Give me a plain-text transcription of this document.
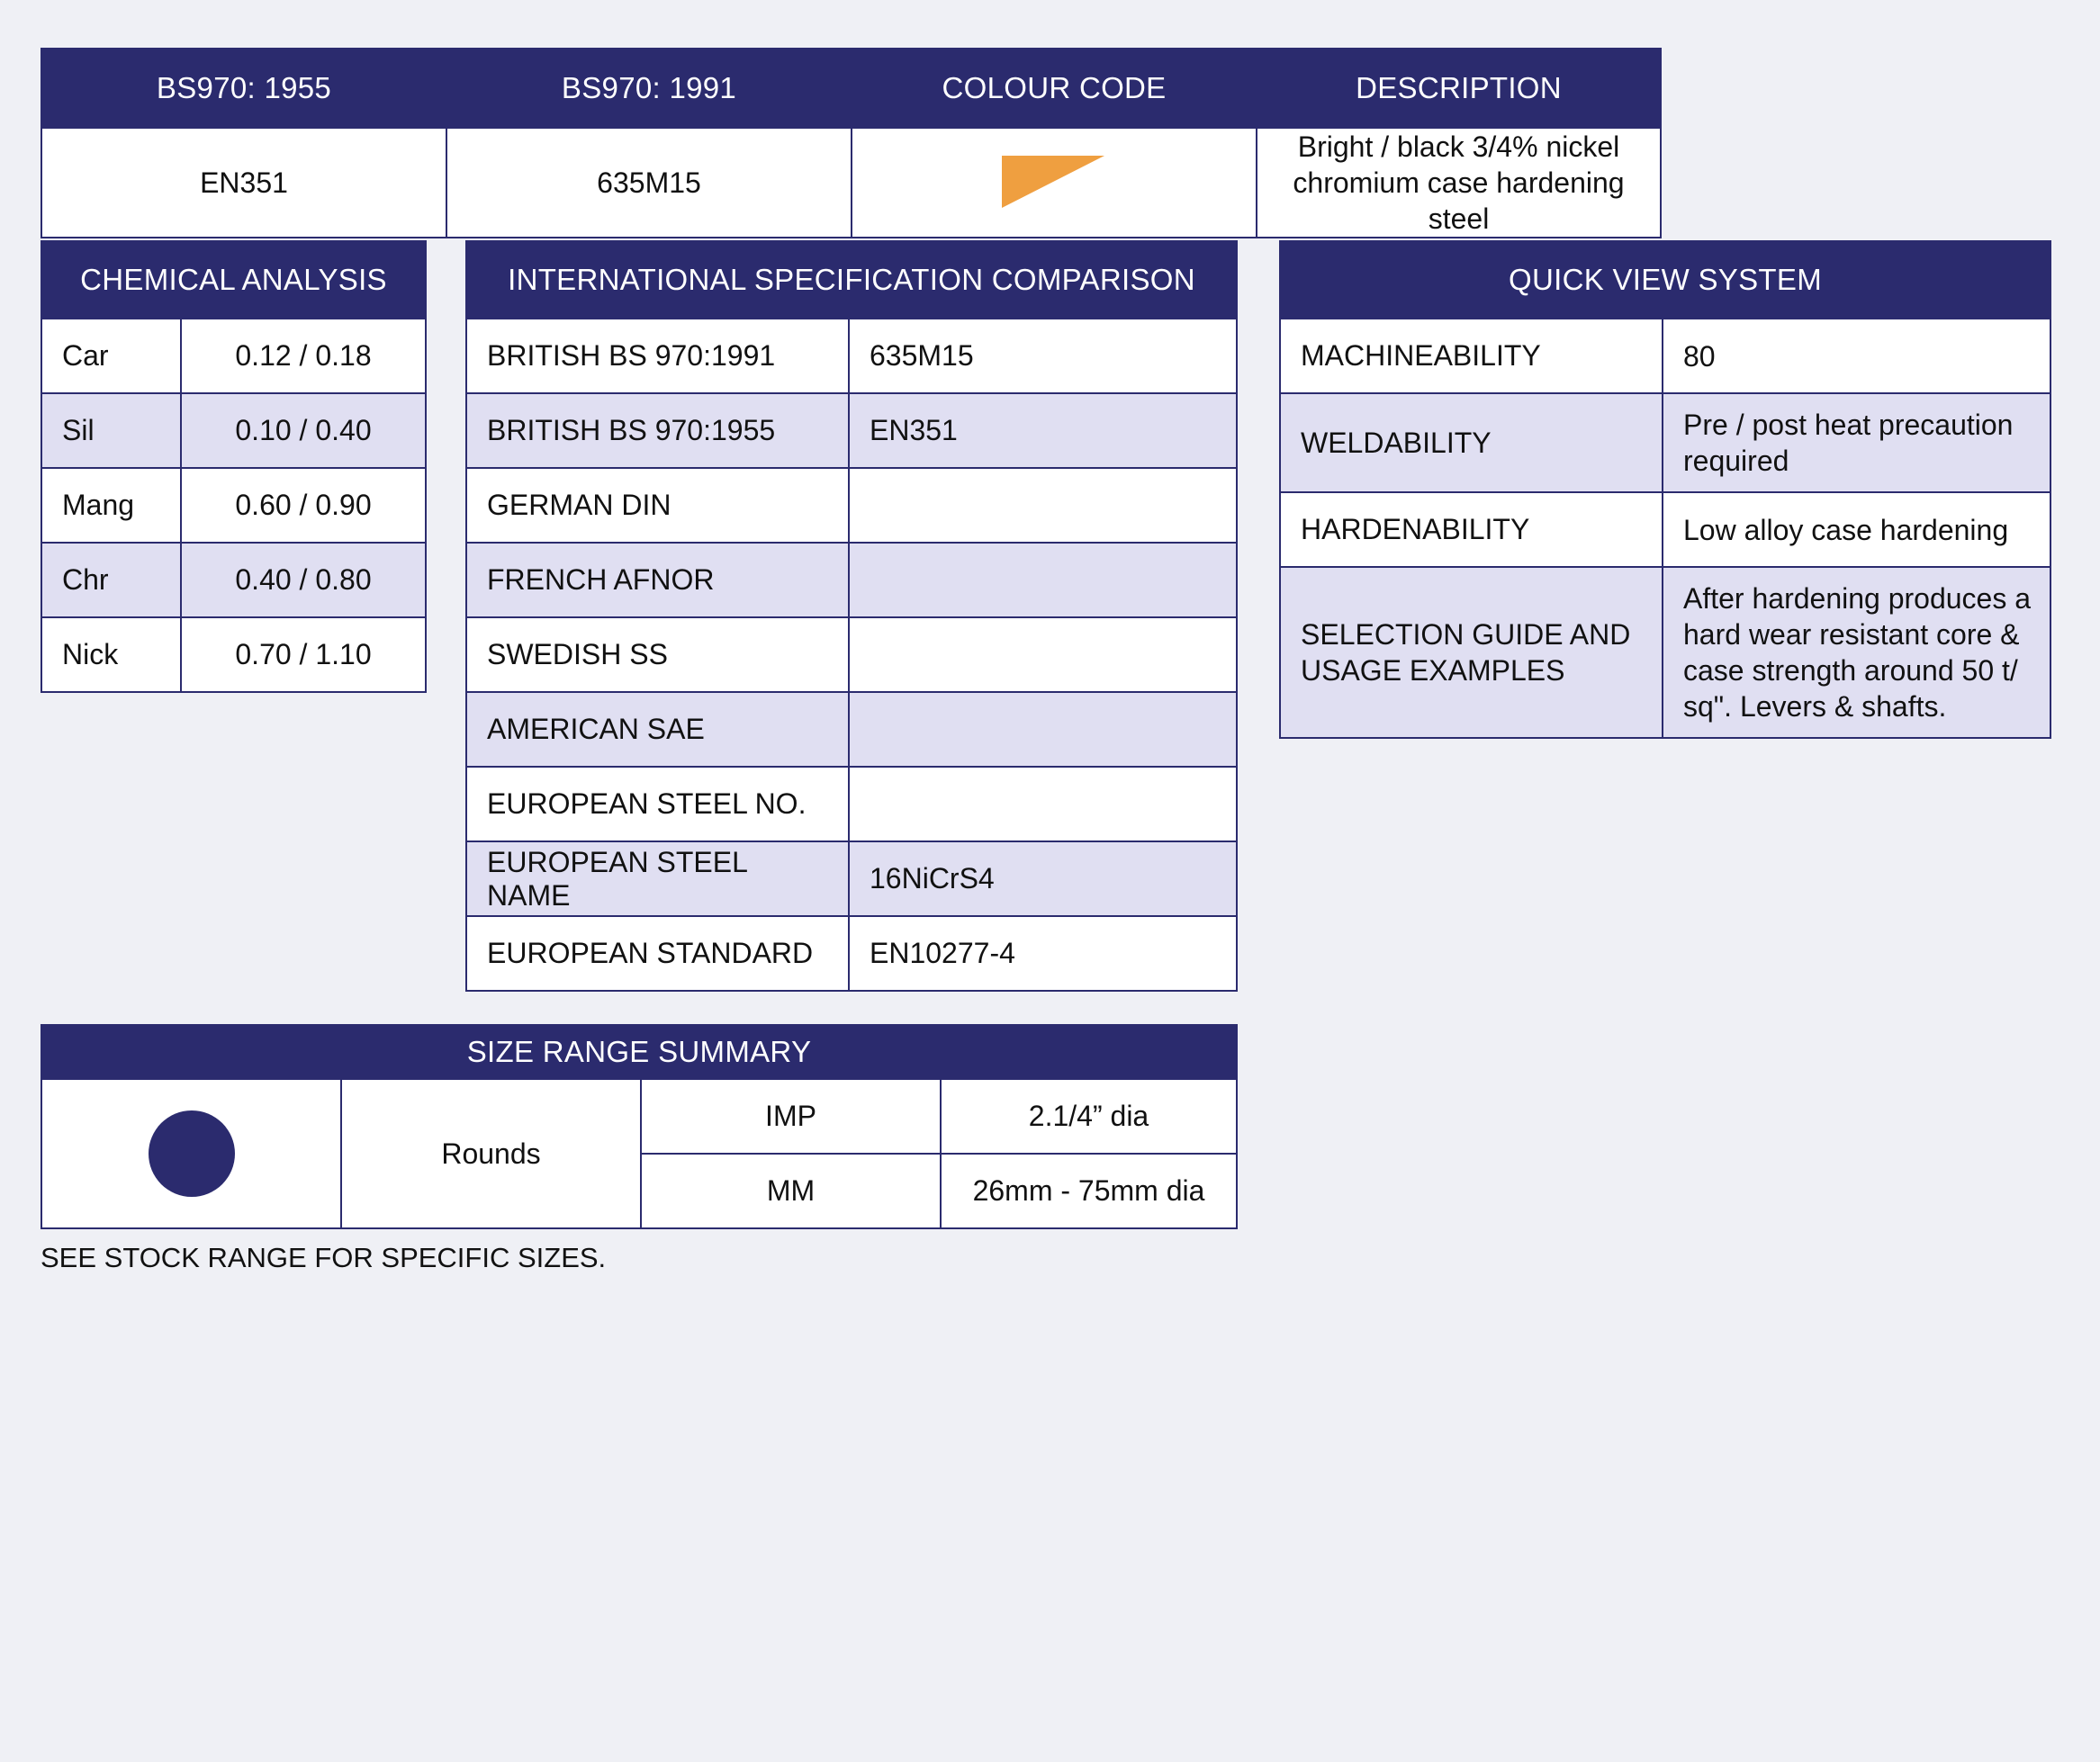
BS970: 1955	BS970: 1991	COLOUR CODE	DESCRIPTION
EN351	635M15		Bright / black 3/4% nickel chromium case hardening steel
CHEMICAL ANALYSIS	
Car	0.12 / 0.18
Sil	0.10 / 0.40
Mang	0.60 / 0.90
Chr	0.40 / 0.80
Nick	0.70 / 1.10
INTERNATIONAL SPECIFICATION COMPARISON	
BRITISH BS 970:1991	635M15
BRITISH BS 970:1955	EN351
GERMAN DIN	
FRENCH AFNOR	
SWEDISH SS	
AMERICAN SAE	
EUROPEAN STEEL NO.	
EUROPEAN STEEL NAME	16NiCrS4
EUROPEAN STANDARD	EN10277-4
QUICK VIEW SYSTEM	
MACHINEABILITY	80
WELDABILITY	Pre / post heat precaution required
HARDENABILITY	Low alloy case hardening
SELECTION GUIDE AND USAGE EXAMPLES	After hardening produces a hard wear resistant core & case strength around 50 t/ sq". Levers & shafts.
SIZE RANGE SUMMARY			

	Rounds	IMP	2.1/4” dia
		MM	26mm - 75mm dia
SEE STOCK RANGE FOR SPECIFIC SIZES.
